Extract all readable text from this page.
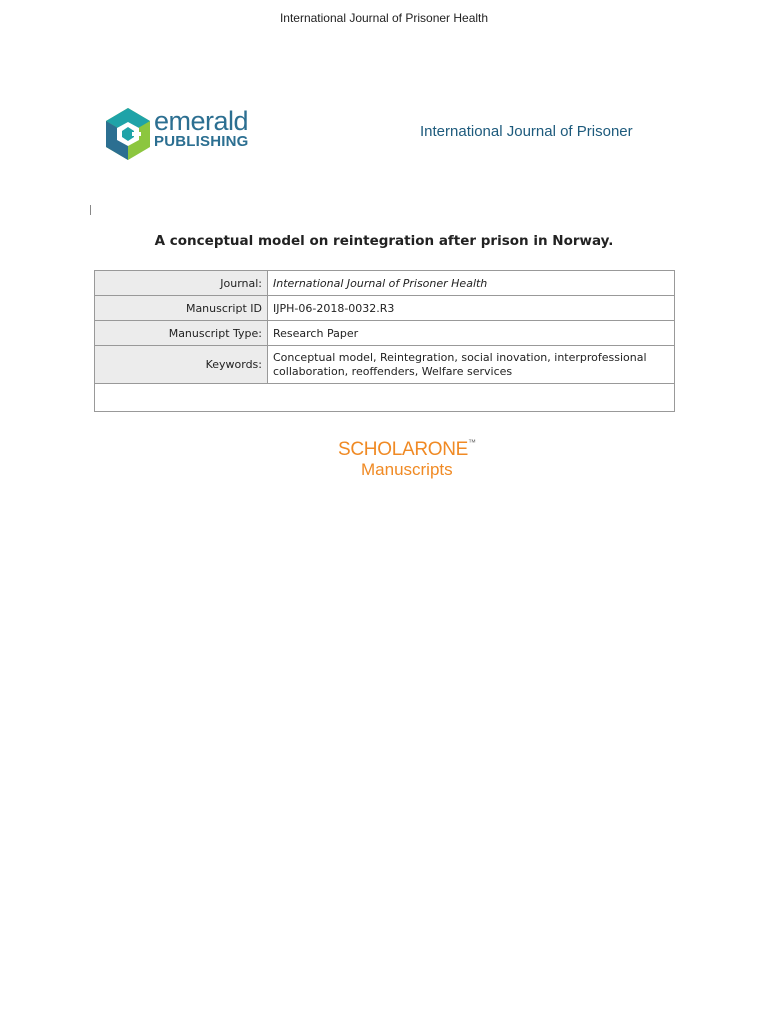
International Journal of Prisoner Health
emerald
PUBLISHING
International Journal of Prisoner
A conceptual model on reintegration after prison in Norway.
Journal:	International Journal of Prisoner Health
Manuscript ID	IJPH-06-2018-0032.R3
Manuscript Type:	Research Paper
Keywords:	Conceptual model, Reintegration, social inovation, interprofessional collaboration, reoffenders, Welfare services

SCHOLARONE™
Manuscripts
